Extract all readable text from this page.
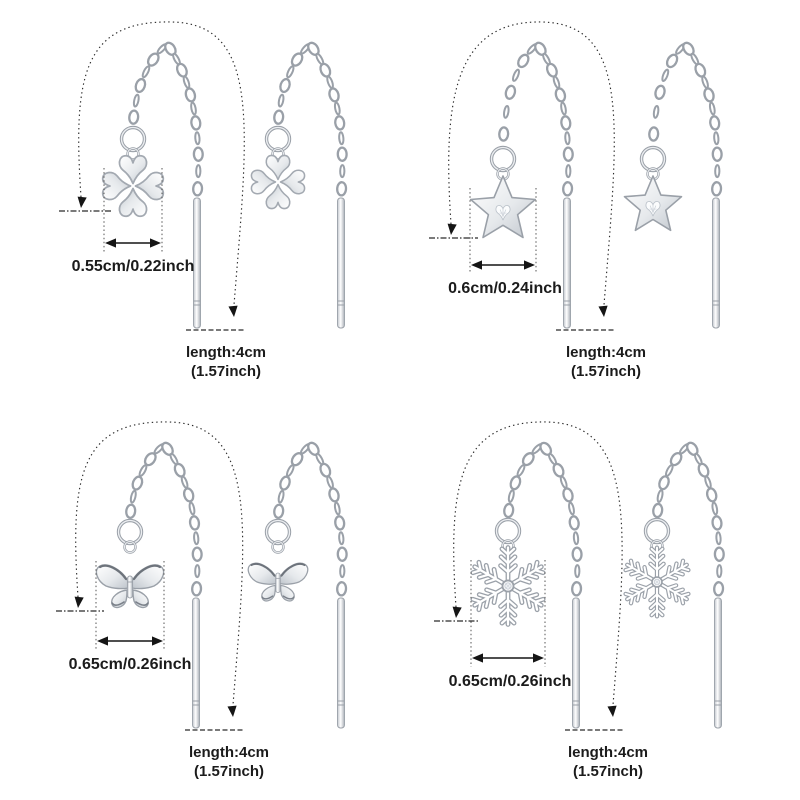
0.55cm/0.22inch
length:4cm
(1.57inch)
0.6cm/0.24inch
length:4cm
(1.57inch)
0.65cm/0.26inch
length:4cm
(1.57inch)
0.65cm/0.26inch
length:4cm
(1.57inch)
